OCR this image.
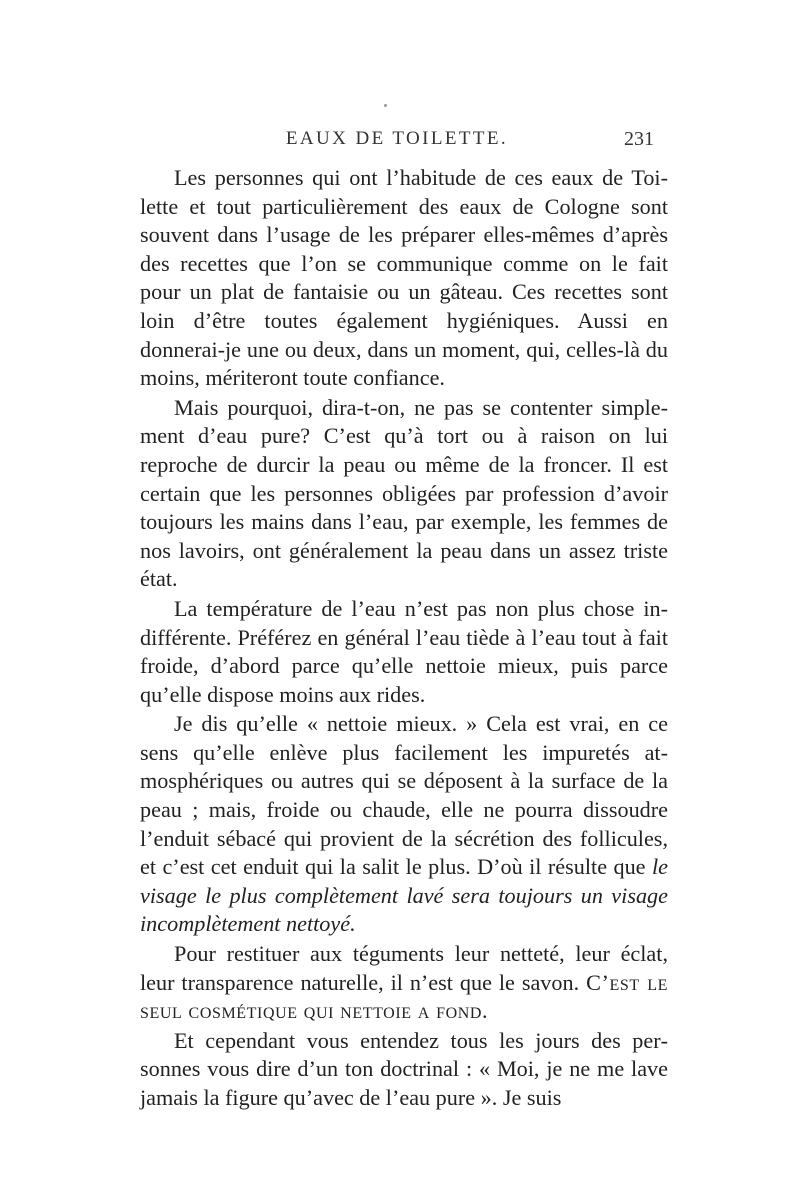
EAUX DE TOILETTE.	231

Les personnes qui ont l’habitude de ces eaux de Toilette et tout particulièrement des eaux de Cologne sont souvent dans l’usage de les préparer elles-mêmes d’après des recettes que l’on se communique comme on le fait pour un plat de fantaisie ou un gâteau. Ces recettes sont loin d’être toutes également hygiéniques. Aussi en donnerai-je une ou deux, dans un moment, qui, celles-là du moins, mériteront toute confiance.

Mais pourquoi, dira-t-on, ne pas se contenter simplement d’eau pure? C’est qu’à tort ou à raison on lui reproche de durcir la peau ou même de la froncer. Il est certain que les personnes obligées par profession d’avoir toujours les mains dans l’eau, par exemple, les femmes de nos lavoirs, ont généralement la peau dans un assez triste état.

La température de l’eau n’est pas non plus chose indifférente. Préférez en général l’eau tiède à l’eau tout à fait froide, d’abord parce qu’elle nettoie mieux, puis parce qu’elle dispose moins aux rides.

Je dis qu’elle « nettoie mieux. » Cela est vrai, en ce sens qu’elle enlève plus facilement les impuretés atmosphériques ou autres qui se déposent à la surface de la peau ; mais, froide ou chaude, elle ne pourra dissoudre l’enduit sébacé qui provient de la sécrétion des follicules, et c’est cet enduit qui la salit le plus. D’où il résulte que le visage le plus complètement lavé sera toujours un visage incomplètement nettoyé.

Pour restituer aux téguments leur netteté, leur éclat, leur transparence naturelle, il n’est que le savon. C’est le seul cosmétique qui nettoie a fond.

Et cependant vous entendez tous les jours des personnes vous dire d’un ton doctrinal : « Moi, je ne me lave jamais la figure qu’avec de l’eau pure ». Je suis
